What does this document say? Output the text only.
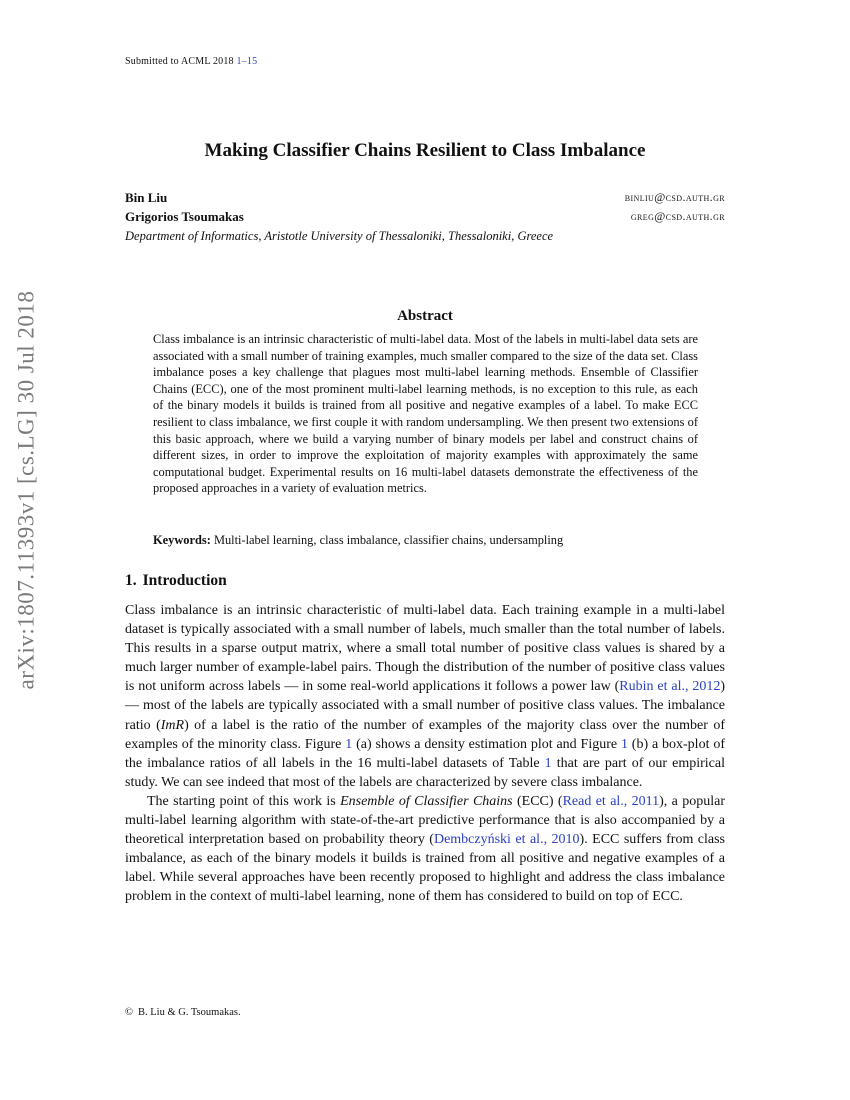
Submitted to ACML 2018 1–15
Making Classifier Chains Resilient to Class Imbalance
Bin Liu	binliu@csd.auth.gr
Grigorios Tsoumakas	greg@csd.auth.gr
Department of Informatics, Aristotle University of Thessaloniki, Thessaloniki, Greece
arXiv:1807.11393v1 [cs.LG] 30 Jul 2018	Abstract
Class imbalance is an intrinsic characteristic of multi-label data. Most of the labels in multi-label data sets are associated with a small number of training examples, much smaller compared to the size of the data set. Class imbalance poses a key challenge that plagues most multi-label learning methods. Ensemble of Classifier Chains (ECC), one of the most prominent multi-label learning methods, is no exception to this rule, as each of the binary models it builds is trained from all positive and negative examples of a label. To make ECC resilient to class imbalance, we first couple it with random undersampling. We then present two extensions of this basic approach, where we build a varying number of binary models per label and construct chains of different sizes, in order to improve the exploitation of majority examples with approximately the same computational budget. Experimental results on 16 multi-label datasets demonstrate the effectiveness of the proposed approaches in a variety of evaluation metrics.
Keywords: Multi-label learning, class imbalance, classifier chains, undersampling
1. Introduction

Class imbalance is an intrinsic characteristic of multi-label data. Each training example in a multi-label dataset is typically associated with a small number of labels, much smaller than the total number of labels. This results in a sparse output matrix, where a small total number of positive class values is shared by a much larger number of example-label pairs. Though the distribution of the number of positive class values is not uniform across labels — in some real-world applications it follows a power law (Rubin et al., 2012) — most of the labels are typically associated with a small number of positive class values. The imbalance ratio (ImR) of a label is the ratio of the number of examples of the majority class over the number of examples of the minority class. Figure 1 (a) shows a density estimation plot and Figure 1 (b) a box-plot of the imbalance ratios of all labels in the 16 multi-label datasets of Table 1 that are part of our empirical study. We can see indeed that most of the labels are characterized by severe class imbalance.

The starting point of this work is Ensemble of Classifier Chains (ECC) (Read et al., 2011), a popular multi-label learning algorithm with state-of-the-art predictive performance that is also accompanied by a theoretical interpretation based on probability theory (Dembczyński et al., 2010). ECC suffers from class imbalance, as each of the binary models it builds is trained from all positive and negative examples of a label. While several approaches have been recently proposed to highlight and address the class imbalance problem in the context of multi-label learning, none of them has considered to build on top of ECC.

© B. Liu & G. Tsoumakas.
